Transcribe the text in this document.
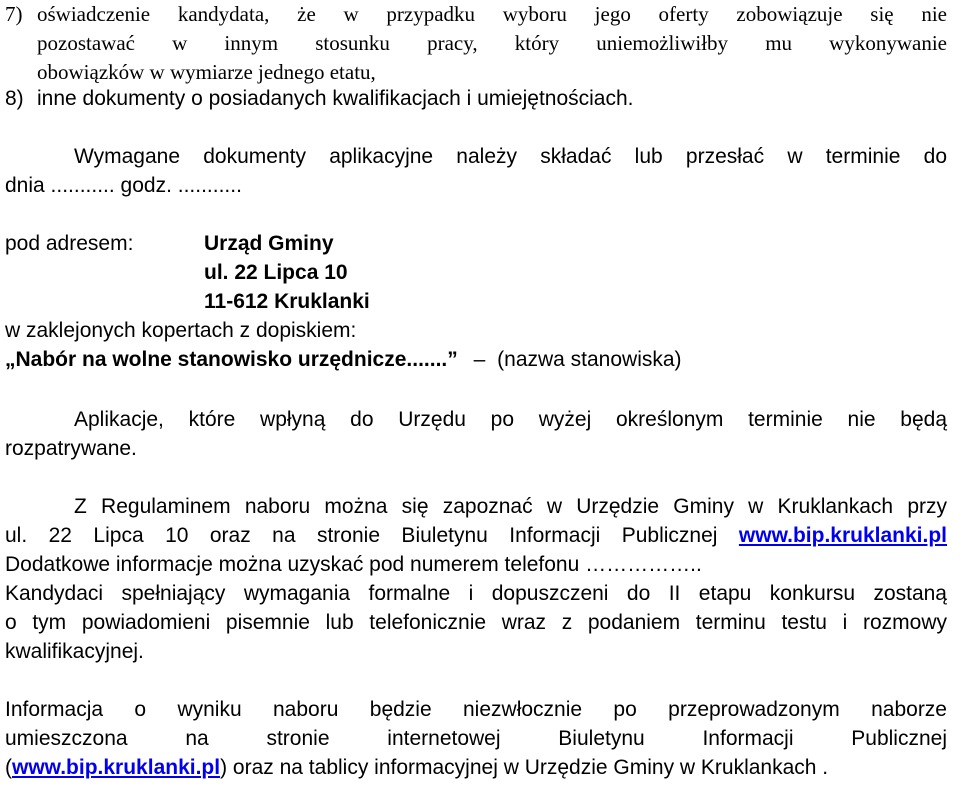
7) oświadczenie kandydata, że w przypadku wyboru jego oferty zobowiązuje się nie
pozostawać w innym stosunku pracy, który uniemożliwiłby mu wykonywanie
obowiązków w wymiarze jednego etatu,
8) inne dokumenty o posiadanych kwalifikacjach i umiejętnościach.
Wymagane dokumenty aplikacyjne należy składać lub przesłać w terminie do
dnia ........... godz. ...........
pod adresem:	Urząd Gminy
ul. 22 Lipca 10
11-612 Kruklanki
w zaklejonych kopertach z dopiskiem:
„Nabór na wolne stanowisko urzędnicze.......” – (nazwa stanowiska)
Aplikacje, które wpłyną do Urzędu po wyżej określonym terminie nie będą
rozpatrywane.
Z Regulaminem naboru można się zapoznać w Urzędzie Gminy w Kruklankach przy
ul. 22 Lipca 10 oraz na stronie Biuletynu Informacji Publicznej www.bip.kruklanki.pl
Dodatkowe informacje można uzyskać pod numerem telefonu ……………..
Kandydaci spełniający wymagania formalne i dopuszczeni do II etapu konkursu zostaną
o tym powiadomieni pisemnie lub telefonicznie wraz z podaniem terminu testu i rozmowy
kwalifikacyjnej.
Informacja o wyniku naboru będzie niezwłocznie po przeprowadzonym naborze
umieszczona na stronie internetowej Biuletynu Informacji Publicznej
(www.bip.kruklanki.pl) oraz na tablicy informacyjnej w Urzędzie Gminy w Kruklankach .
